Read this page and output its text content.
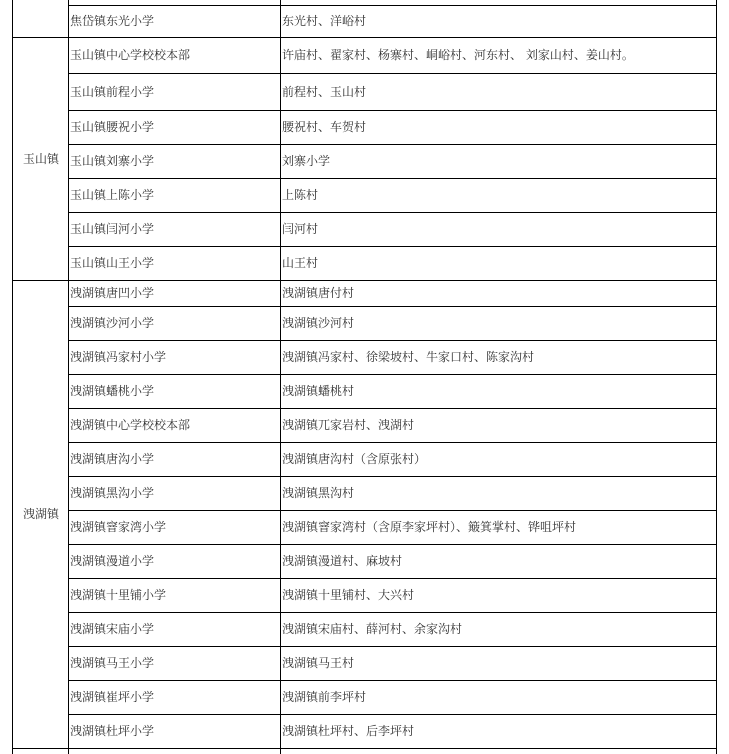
焦岱镇东光小学	东光村、洋峪村
玉山镇
玉山镇中心学校校本部	许庙村、翟家村、杨寨村、峒峪村、河东村、 刘家山村、姜山村。
玉山镇前程小学	前程村、玉山村
玉山镇腰祝小学	腰祝村、车贺村
玉山镇刘寨小学	刘寨小学
玉山镇上陈小学	上陈村
玉山镇闫河小学	闫河村
玉山镇山王小学	山王村
洩湖镇
洩湖镇唐凹小学	洩湖镇唐付村
洩湖镇沙河小学	洩湖镇沙河村
洩湖镇冯家村小学	洩湖镇冯家村、徐梁坡村、牛家口村、陈家沟村
洩湖镇蟠桃小学	洩湖镇蟠桃村
洩湖镇中心学校校本部	洩湖镇兀家岩村、洩湖村
洩湖镇唐沟小学	洩湖镇唐沟村（含原张村）
洩湖镇黑沟小学	洩湖镇黑沟村
洩湖镇窨家湾小学	洩湖镇窨家湾村（含原李家坪村）、簸箕掌村、铧咀坪村
洩湖镇漫道小学	洩湖镇漫道村、麻坡村
洩湖镇十里铺小学	洩湖镇十里铺村、大兴村
洩湖镇宋庙小学	洩湖镇宋庙村、薛河村、余家沟村
洩湖镇马王小学	洩湖镇马王村
洩湖镇崔坪小学	洩湖镇前李坪村
洩湖镇杜坪小学	洩湖镇杜坪村、后李坪村
